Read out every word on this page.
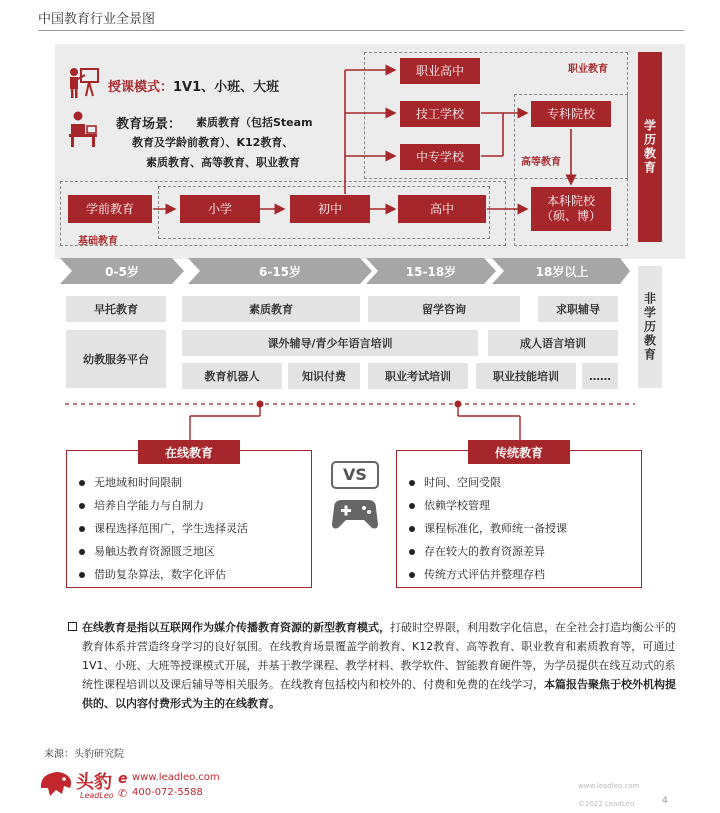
中国教育行业全景图
授课模式：1V1、小班、大班
教育场景： 素质教育（包括Steam
教育及学龄前教育）、K12教育、
素质教育、高等教育、职业教育
职业教育
高等教育
基础教育
职业高中
技工学校
中专学校
专科院校
本科院校
（硕、博）
学前教育	小学	初中	高中
学历教育
非学历教育
0-5岁	6-15岁	15-18岁	18岁以上
早托教育	素质教育	留学咨询	求职辅导
幼教服务平台
课外辅导/青少年语言培训	成人语言培训
教育机器人	知识付费	职业考试培训	职业技能培训	……
无地域和时间限制
培养自学能力与自制力
课程选择范围广，学生选择灵活
易触达教育资源匮乏地区
借助复杂算法，数字化评估
在线教育
时间、空间受限
依赖学校管理
课程标准化，教师统一备授课
存在较大的教育资源差异
传统方式评估并整理存档
传统教育
VS
在线教育是指以互联网作为媒介传播教育资源的新型教育模式，打破时空界限，利用数字化信息，在全社会打造均衡公平的教育体系并营造终身学习的良好氛围。在线教育场景覆盖学前教育、K12教育、高等教育、职业教育和素质教育等，可通过1V1、小班、大班等授课模式开展，并基于教学课程、教学材料、教学软件、智能教育硬件等，为学员提供在线互动式的系统性课程培训以及课后辅导等相关服务。在线教育包括校内和校外的、付费和免费的在线学习，本篇报告聚焦于校外机构提供的、以内容付费形式为主的在线教育。
来源：头豹研究院
头豹
LeadLeo
e www.leadleo.com
✆ 400-072-5588
www.leadleo.com
©2022 LeadLeo	4
